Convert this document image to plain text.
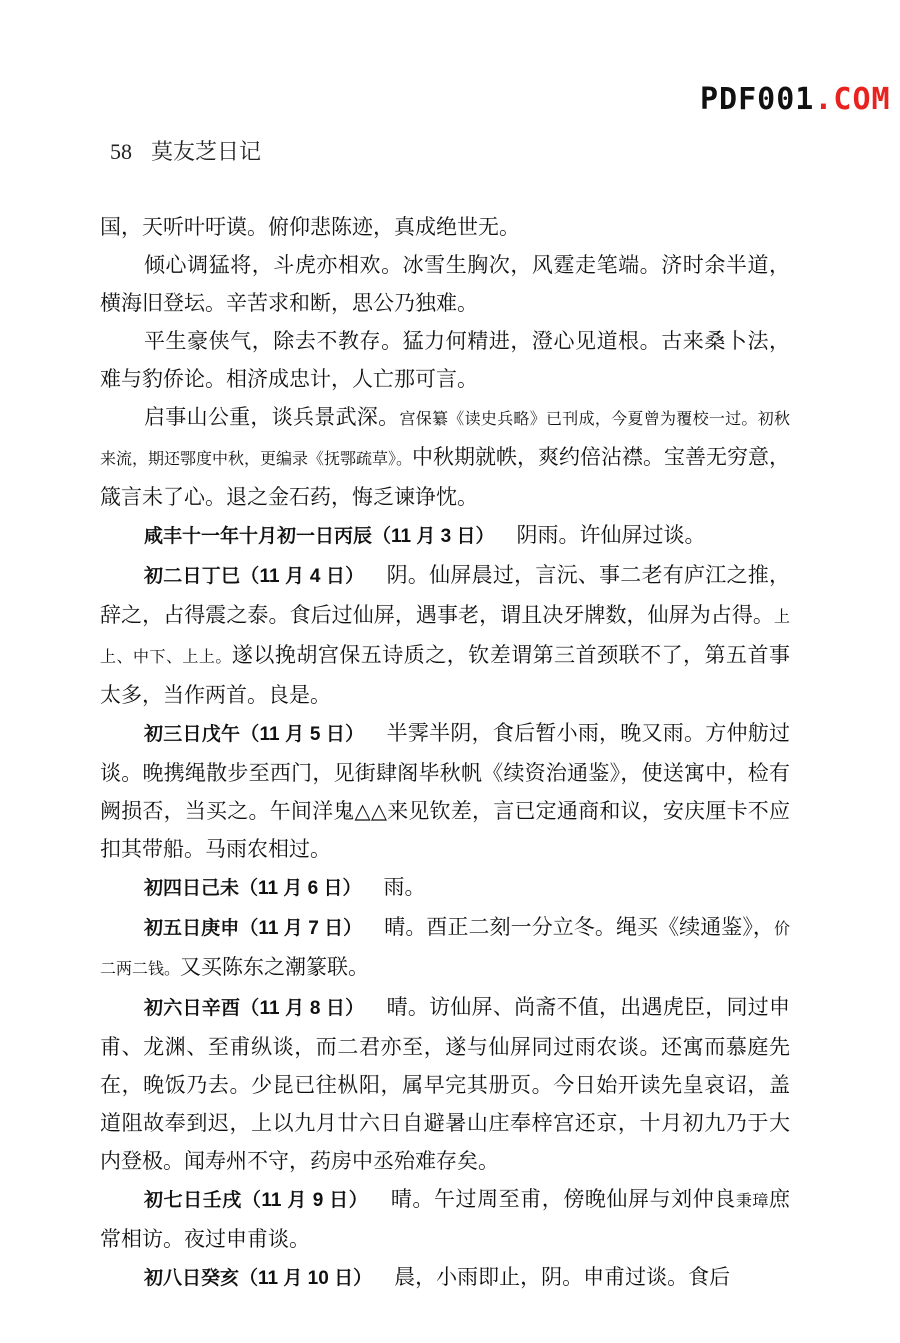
PDF001.COM
58 莫友芝日记

国，天听叶吁谟。俯仰悲陈迹，真成绝世无。

倾心调猛将，斗虎亦相欢。冰雪生胸次，风霆走笔端。济时余半道，横海旧登坛。辛苦求和断，思公乃独难。

平生豪侠气，除去不教存。猛力何精进，澄心见道根。古来桑卜法，难与豹侨论。相济成忠计，人亡那可言。

启事山公重，谈兵景武深。宫保纂《读史兵略》已刊成，今夏曾为覆校一过。初秋来流，期还鄂度中秋，更编录《抚鄂疏草》。中秋期就帙，爽约倍沾襟。宝善无穷意，箴言未了心。退之金石药，悔乏谏诤忱。

咸丰十一年十月初一日丙辰（11 月 3 日） 阴雨。许仙屏过谈。

初二日丁巳（11 月 4 日） 阴。仙屏晨过，言沅、事二老有庐江之推，辞之，占得震之泰。食后过仙屏，遇事老，谓且决牙牌数，仙屏为占得。上上、中下、上上。遂以挽胡宫保五诗质之，钦差谓第三首颈联不了，第五首事太多，当作两首。良是。

初三日戊午（11 月 5 日） 半霁半阴，食后暂小雨，晚又雨。方仲舫过谈。晚携绳散步至西门，见街肆阁毕秋帆《续资治通鉴》，使送寓中，检有阙损否，当买之。午间洋鬼△△来见钦差，言已定通商和议，安庆厘卡不应扣其带船。马雨农相过。

初四日己未（11 月 6 日） 雨。

初五日庚申（11 月 7 日） 晴。酉正二刻一分立冬。绳买《续通鉴》，价二两二钱。又买陈东之潮篆联。

初六日辛酉（11 月 8 日） 晴。访仙屏、尚斋不值，出遇虎臣，同过申甫、龙渊、至甫纵谈，而二君亦至，遂与仙屏同过雨农谈。还寓而慕庭先在，晚饭乃去。少昆已往枞阳，属早完其册页。今日始开读先皇哀诏，盖道阻故奉到迟，上以九月廿六日自避暑山庄奉梓宫还京，十月初九乃于大内登极。闻寿州不守，药房中丞殆难存矣。

初七日壬戌（11 月 9 日） 晴。午过周至甫，傍晚仙屏与刘仲良秉璋庶常相访。夜过申甫谈。

初八日癸亥（11 月 10 日） 晨，小雨即止，阴。申甫过谈。食后
